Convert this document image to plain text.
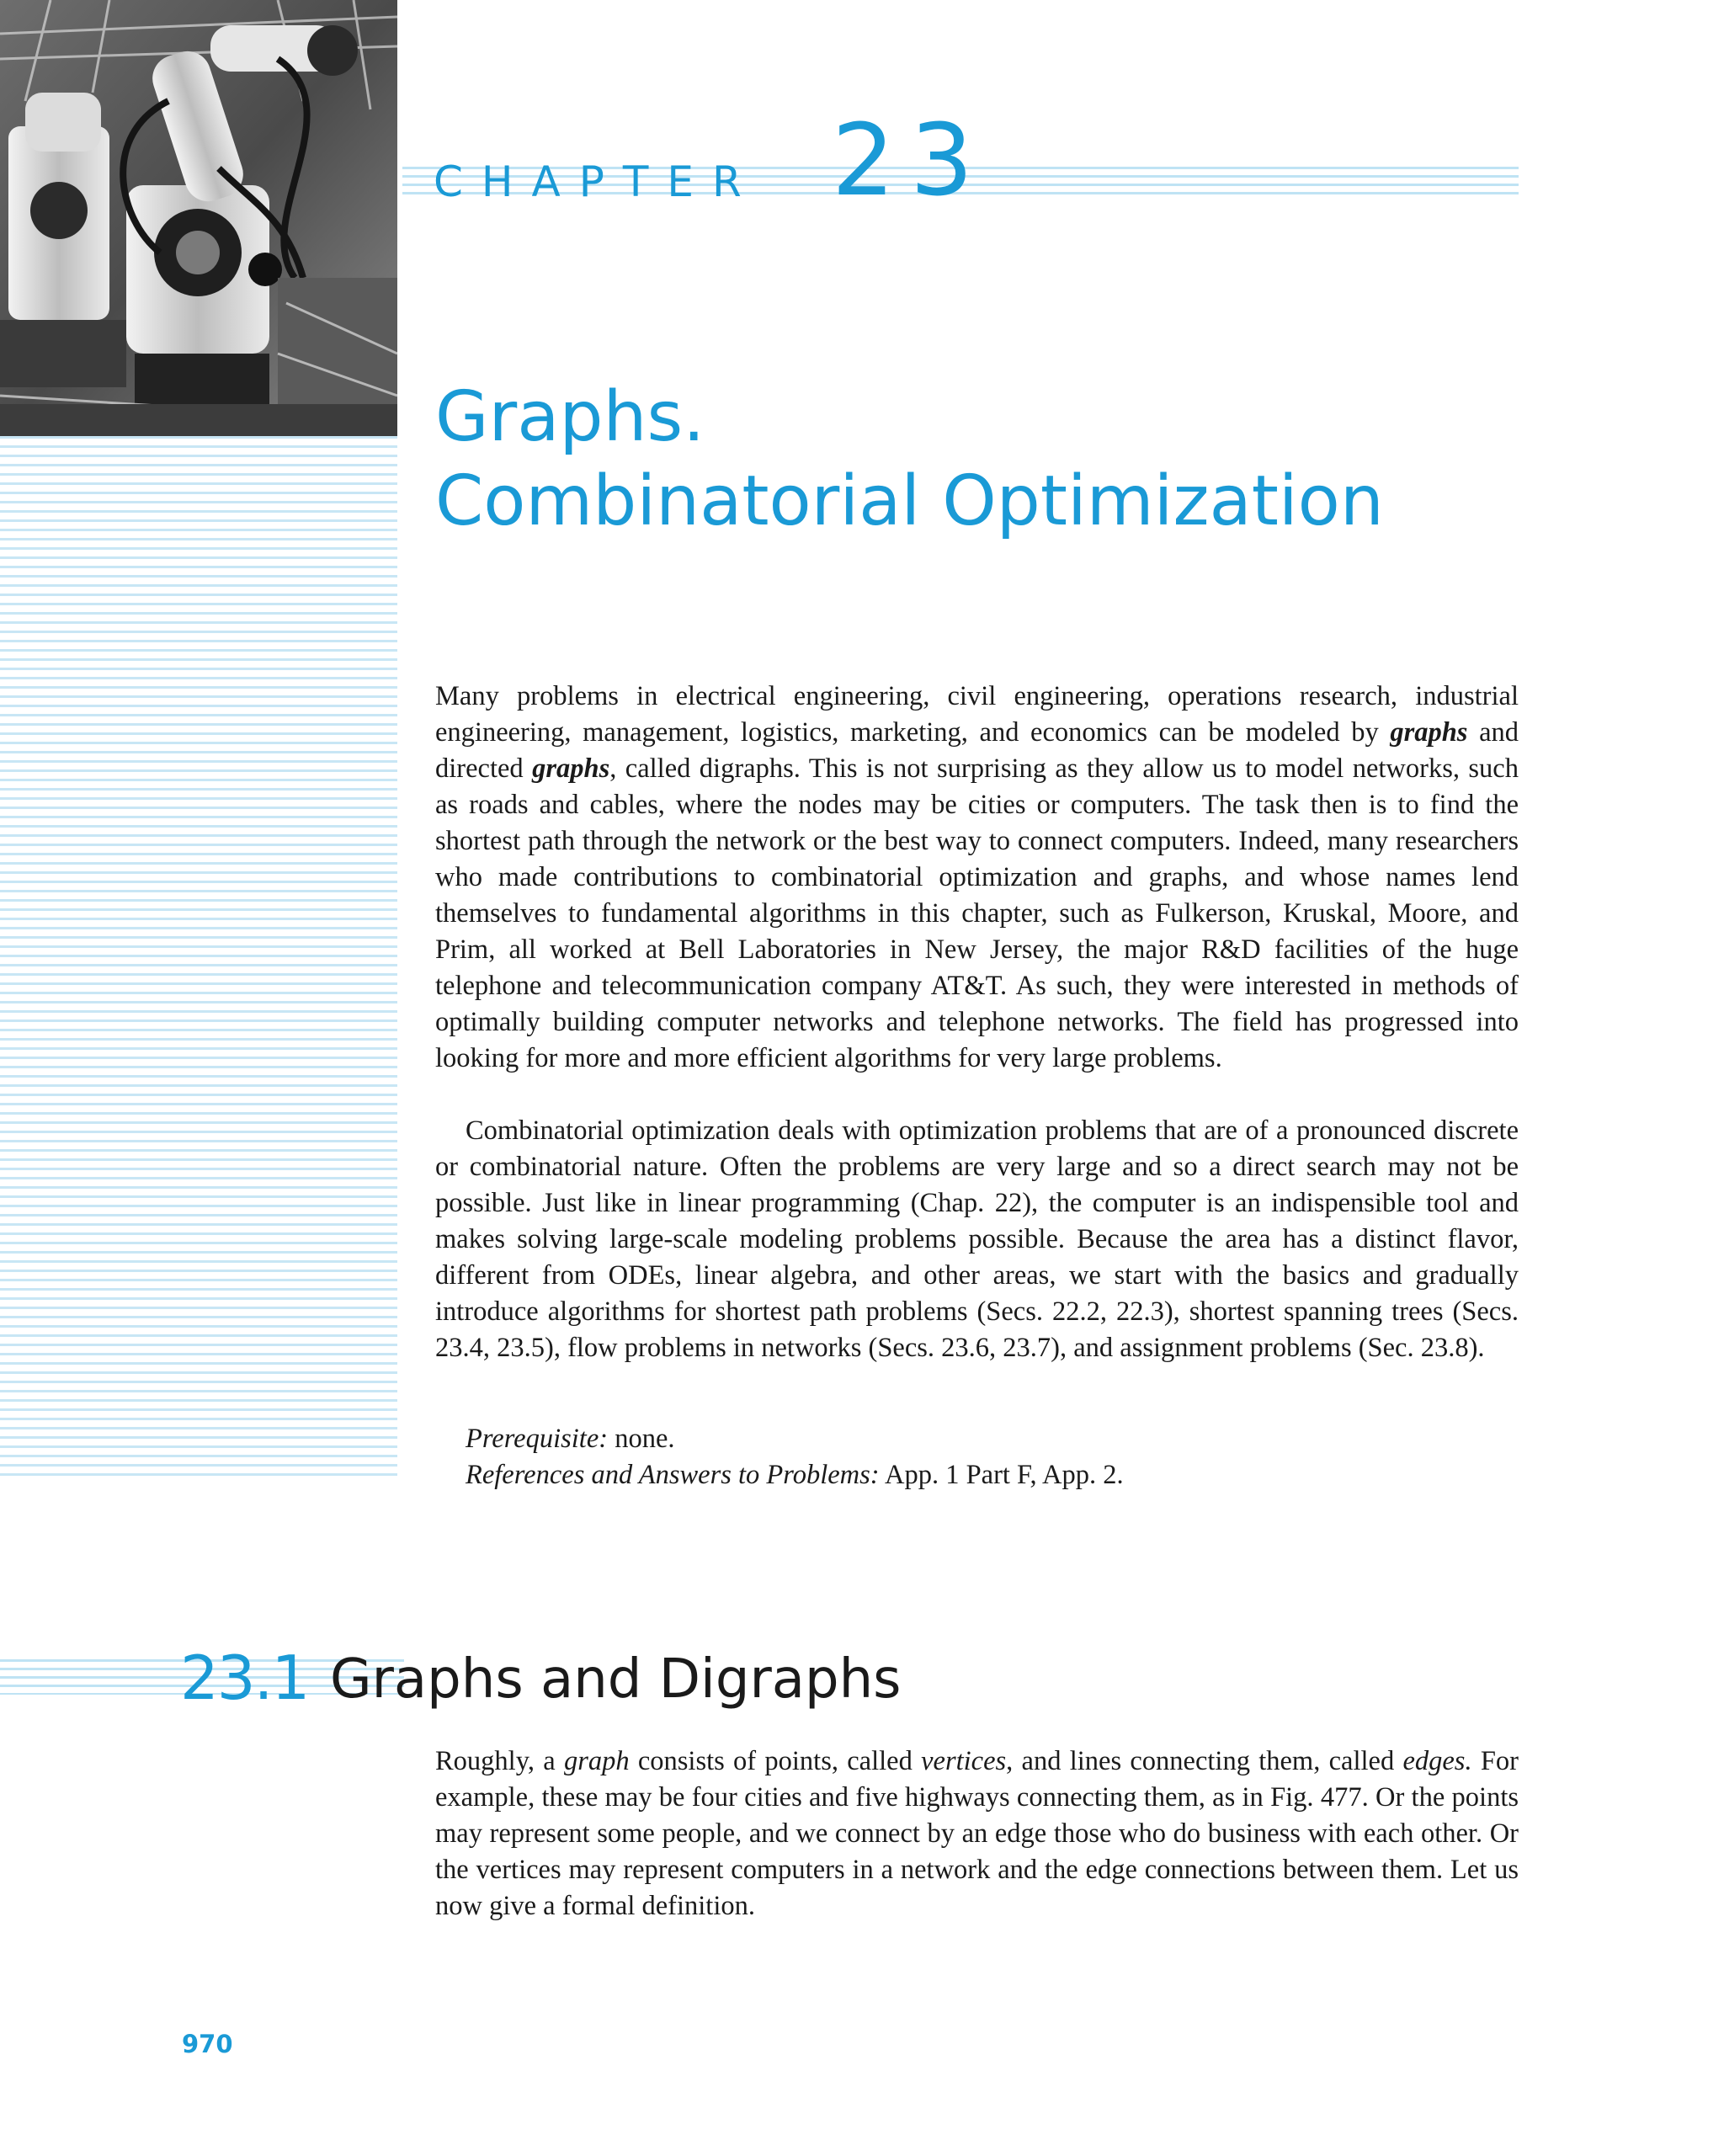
CHAPTER 23
Graphs.
Combinatorial Optimization

Many problems in electrical engineering, civil engineering, operations research, industrial engineering, management, logistics, marketing, and economics can be modeled by graphs and directed graphs, called digraphs. This is not surprising as they allow us to model networks, such as roads and cables, where the nodes may be cities or computers. The task then is to find the shortest path through the network or the best way to connect computers. Indeed, many researchers who made contributions to combinatorial optimization and graphs, and whose names lend themselves to fundamental algorithms in this chapter, such as Fulkerson, Kruskal, Moore, and Prim, all worked at Bell Laboratories in New Jersey, the major R&D facilities of the huge telephone and telecommunication company AT&T. As such, they were interested in methods of optimally building computer networks and telephone networks. The field has progressed into looking for more and more efficient algorithms for very large problems.

Combinatorial optimization deals with optimization problems that are of a pronounced discrete or combinatorial nature. Often the problems are very large and so a direct search may not be possible. Just like in linear programming (Chap. 22), the computer is an indispensible tool and makes solving large-scale modeling problems possible. Because the area has a distinct flavor, different from ODEs, linear algebra, and other areas, we start with the basics and gradually introduce algorithms for shortest path problems (Secs. 22.2, 22.3), shortest spanning trees (Secs. 23.4, 23.5), flow problems in networks (Secs. 23.6, 23.7), and assignment problems (Sec. 23.8).

Prerequisite: none.
References and Answers to Problems: App. 1 Part F, App. 2.
23.1 Graphs and Digraphs

Roughly, a graph consists of points, called vertices, and lines connecting them, called edges. For example, these may be four cities and five highways connecting them, as in Fig. 477. Or the points may represent some people, and we connect by an edge those who do business with each other. Or the vertices may represent computers in a network and the edge connections between them. Let us now give a formal definition.

970
